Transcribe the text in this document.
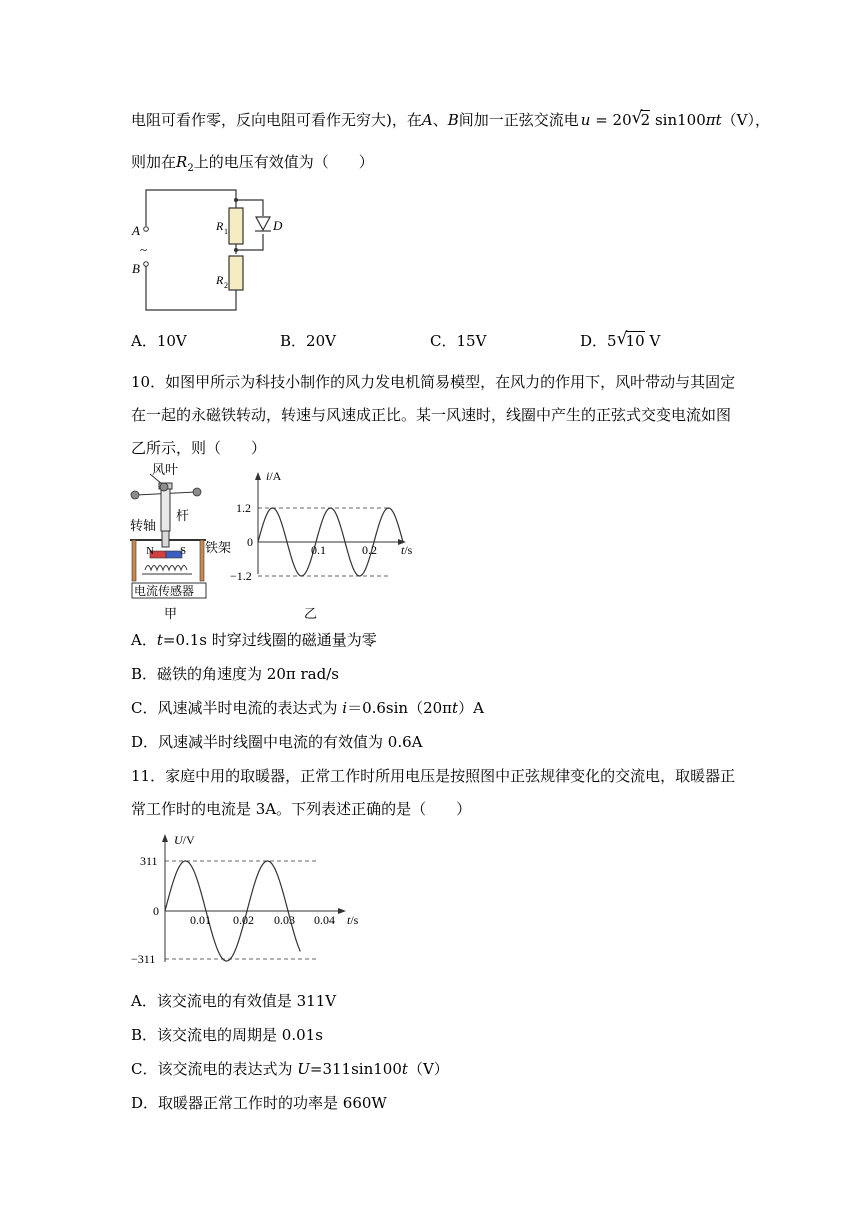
电阻可看作零，反向电阻可看作无穷大)，在A、B间加一正弦交流电 u = 20 √
2 sin100πt（V），
则加在$R_2$上的电压有效值为（　　）
A
~
B
R 1
R 2
D
A．10V	B．20V	C．15V	D．5 √
10 V
10．如图甲所示为科技小制作的风力发电机简易模型，在风力的作用下，风叶带动与其固定
在一起的永磁铁转动，转速与风速成正比。某一风速时，线圈中产生的正弦式交变电流如图
乙所示，则（　　）
风叶
杆
转轴
N S 铁架
电流传感器
甲
i/A
1.2
0
−1.2
0.1	0.2 t/s
乙
A．t=0.1s 时穿过线圈的磁通量为零
B．磁铁的角速度为 20π rad/s
C．风速减半时电流的表达式为 i＝0.6sin（20πt）A
D．风速减半时线圈中电流的有效值为 0.6A
11．家庭中用的取暖器，正常工作时所用电压是按照图中正弦规律变化的交流电，取暖器正
常工作时的电流是 3A。下列表述正确的是（　　）
U/V
311
0
−311
0.01 0.02 0.03 0.04 t/s
A．该交流电的有效值是 311V
B．该交流电的周期是 0.01s
C．该交流电的表达式为 U=311sin100t（V）
D．取暖器正常工作时的功率是 660W
